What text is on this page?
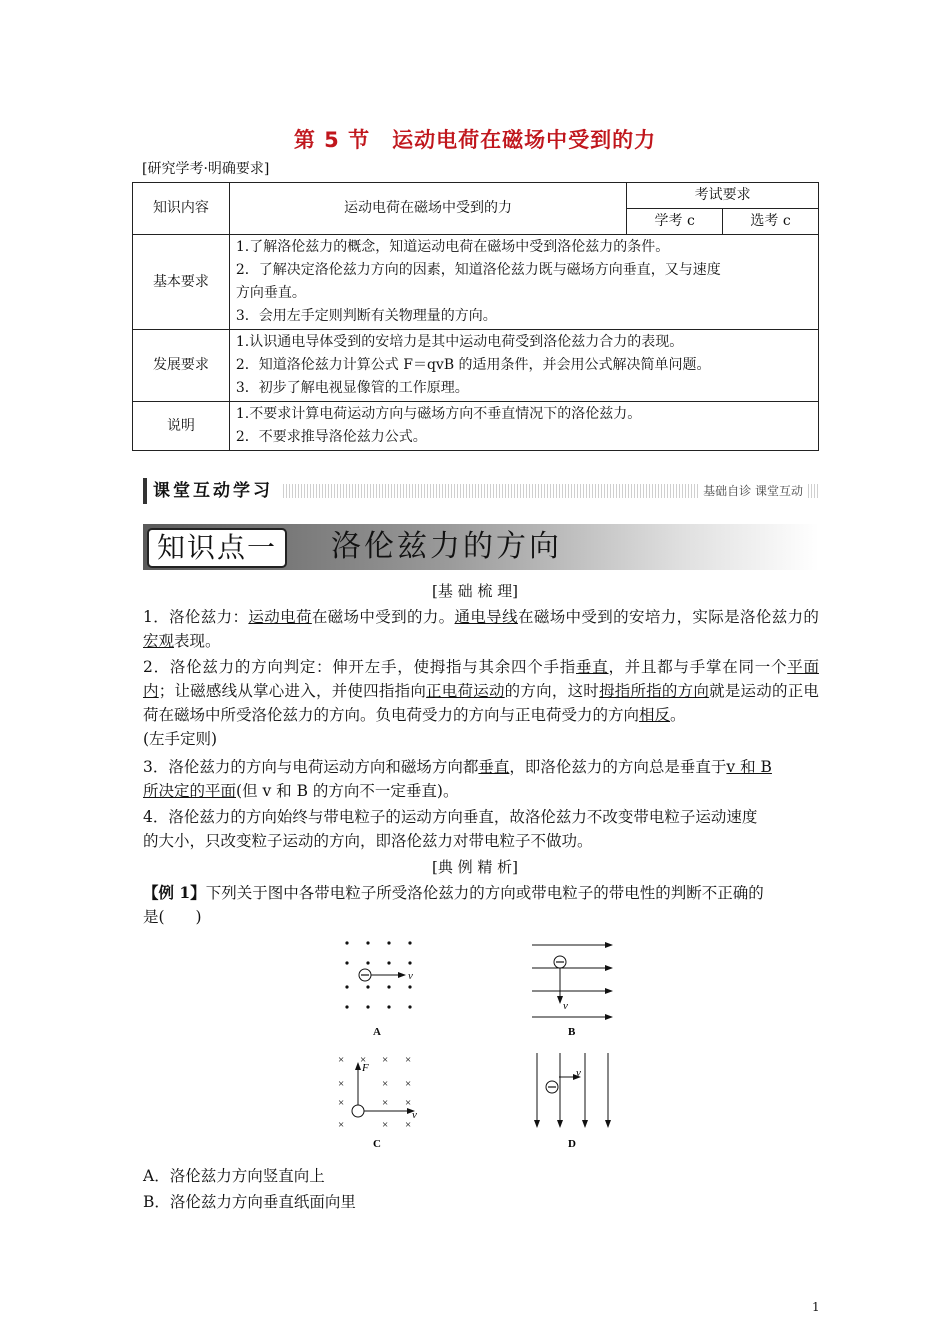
第 5 节 运动电荷在磁场中受到的力
[研究学考·明确要求]
知识内容	运动电荷在磁场中受到的力	考试要求	
		学考 c	选考 c
基本要求	1.了解洛伦兹力的概念，知道运动电荷在磁场中受到洛伦兹力的条件。
2．了解决定洛伦兹力方向的因素，知道洛伦兹力既与磁场方向垂直，又与速度
方向垂直。
3．会用左手定则判断有关物理量的方向。		

发展要求	1.认识通电导体受到的安培力是其中运动电荷受到洛伦兹力合力的表现。
2．知道洛伦兹力计算公式 F＝qvB 的适用条件，并会用公式解决简单问题。
3．初步了解电视显像管的工作原理。		

说明	1.不要求计算电荷运动方向与磁场方向不垂直情况下的洛伦兹力。
2．不要求推导洛伦兹力公式。		
课堂互动学习	基础自诊 课堂互动
知识点一	洛伦兹力的方向
[基 础 梳 理]
1．洛伦兹力：运动电荷在磁场中受到的力。通电导线在磁场中受到的安培力，实际是洛伦兹力的宏观表现。
2．洛伦兹力的方向判定：伸开左手，使拇指与其余四个手指垂直，并且都与手掌在同一个平面内；让磁感线从掌心进入，并使四指指向正电荷运动的方向，这时拇指所指的方向就是运动的正电荷在磁场中所受洛伦兹力的方向。负电荷受力的方向与正电荷受力的方向相反。
(左手定则)
3．洛伦兹力的方向与电荷运动方向和磁场方向都垂直，即洛伦兹力的方向总是垂直于v 和 B
所决定的平面(但 v 和 B 的方向不一定垂直)。
4．洛伦兹力的方向始终与带电粒子的运动方向垂直，故洛伦兹力不改变带电粒子运动速度
的大小，只改变粒子运动的方向，即洛伦兹力对带电粒子不做功。
[典 例 精 析]
【例 1】下列关于图中各带电粒子所受洛伦兹力的方向或带电粒子的带电性的判断不正确的
是(　　)
v
A
v
B
× × × ×
×	× ×
×	× ×
×	× ×
F
v
C
v
D
A．洛伦兹力方向竖直向上
B．洛伦兹力方向垂直纸面向里
1
